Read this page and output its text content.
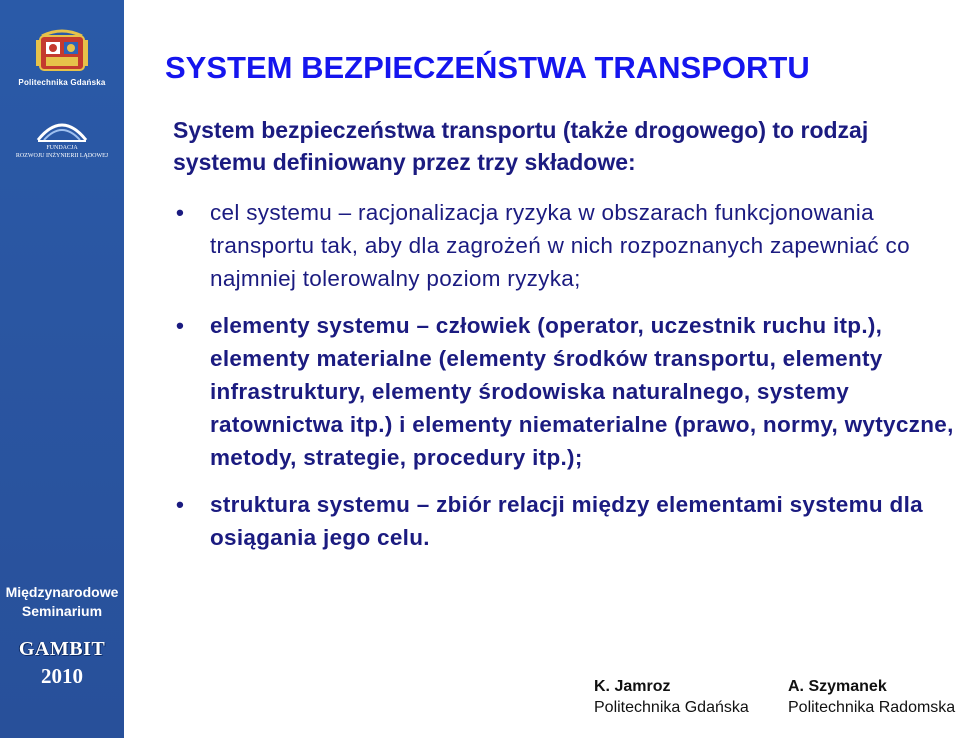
Politechnika Gdańska
FUNDACJA
ROZWOJU INŻYNIERII LĄDOWEJ
Międzynarodowe
Seminarium
GAMBIT
2010
SYSTEM BEZPIECZEŃSTWA TRANSPORTU

System bezpieczeństwa transportu (także drogowego) to rodzaj systemu definiowany przez trzy składowe:

• cel systemu – racjonalizacja ryzyka w obszarach funkcjonowania transportu tak, aby dla zagrożeń w nich rozpoznanych zapewniać co najmniej tolerowalny poziom ryzyka;
• elementy systemu – człowiek (operator, uczestnik ruchu itp.), elementy materialne (elementy środków transportu, elementy infrastruktury, elementy środowiska naturalnego, systemy ratownictwa itp.) i elementy niematerialne (prawo, normy, wytyczne, metody, strategie, procedury itp.);
• struktura systemu – zbiór relacji między elementami systemu dla osiągania jego celu.
K. Jamroz
Politechnika Gdańska
A. Szymanek
Politechnika Radomska
